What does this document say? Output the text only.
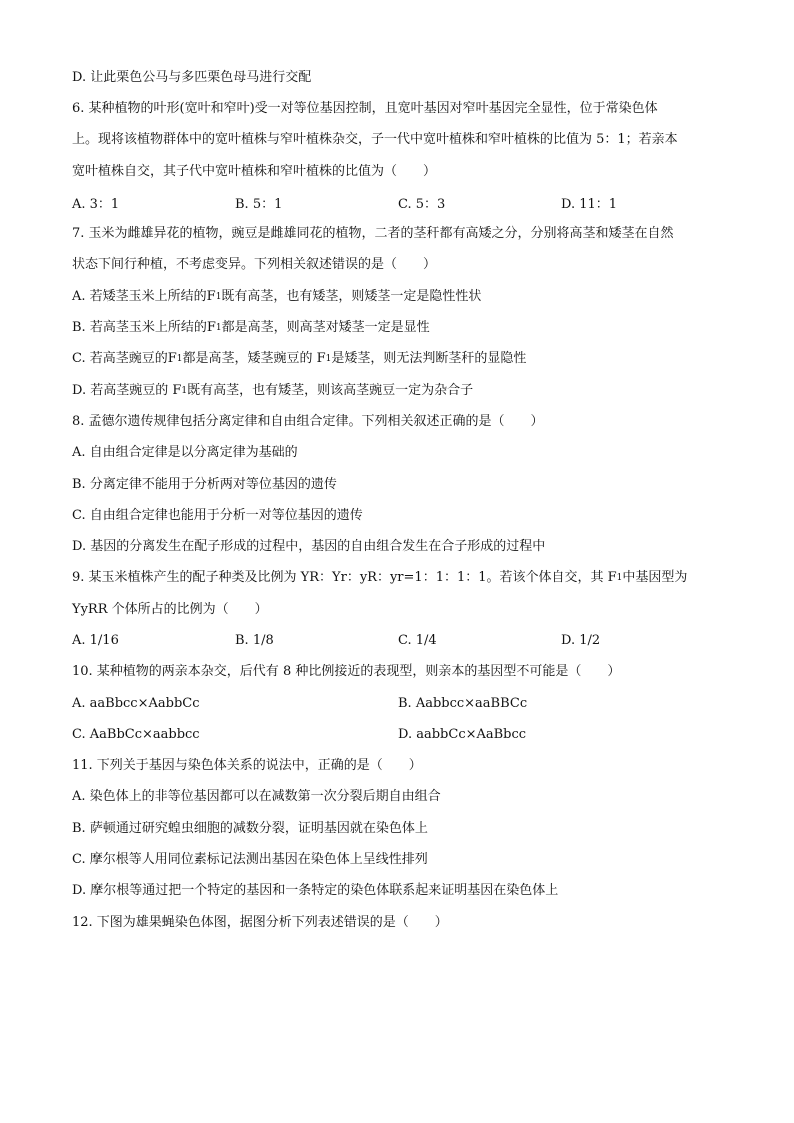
D. 让此栗色公马与多匹栗色母马进行交配
6. 某种植物的叶形(宽叶和窄叶)受一对等位基因控制，且宽叶基因对窄叶基因完全显性，位于常染色体
上。现将该植物群体中的宽叶植株与窄叶植株杂交，子一代中宽叶植株和窄叶植株的比值为 5：1；若亲本
宽叶植株自交，其子代中宽叶植株和窄叶植株的比值为（　　）
A. 3：1	B. 5：1	C. 5：3	D. 11：1
7. 玉米为雌雄异花的植物，豌豆是雌雄同花的植物，二者的茎秆都有高矮之分，分别将高茎和矮茎在自然
状态下间行种植，不考虑变异。下列相关叙述错误的是（　　）
A. 若矮茎玉米上所结的F 1 既有高茎，也有矮茎，则矮茎一定是隐性性状
B. 若高茎玉米上所结的F 1 都是高茎，则高茎对矮茎一定是显性
C. 若高茎豌豆的F 1 都是高茎，矮茎豌豆的 F 1 是矮茎，则无法判断茎秆的显隐性
D. 若高茎豌豆的 F 1 既有高茎，也有矮茎，则该高茎豌豆一定为杂合子
8. 孟德尔遗传规律包括分离定律和自由组合定律。下列相关叙述正确的是（　　）
A. 自由组合定律是以分离定律为基础的
B. 分离定律不能用于分析两对等位基因的遗传
C. 自由组合定律也能用于分析一对等位基因的遗传
D. 基因的分离发生在配子形成的过程中，基因的自由组合发生在合子形成的过程中
9. 某玉米植株产生的配子种类及比例为 YR：Yr：yR：yr=1：1：1：1。若该个体自交，其 F 1 中基因型为
YyRR 个体所占的比例为（　　）
A. 1/16	B. 1/8	C. 1/4	D. 1/2
10. 某种植物的两亲本杂交，后代有 8 种比例接近的表现型，则亲本的基因型不可能是（　　）
A. aaBbcc×AabbCc	B. Aabbcc×aaBBCc
C. AaBbCc×aabbcc	D. aabbCc×AaBbcc
11. 下列关于基因与染色体关系的说法中，正确的是（　　）
A. 染色体上的非等位基因都可以在减数第一次分裂后期自由组合
B. 萨顿通过研究蝗虫细胞的减数分裂，证明基因就在染色体上
C. 摩尔根等人用同位素标记法测出基因在染色体上呈线性排列
D. 摩尔根等通过把一个特定的基因和一条特定的染色体联系起来证明基因在染色体上
12. 下图为雄果蝇染色体图，据图分析下列表述错误的是（　　）
